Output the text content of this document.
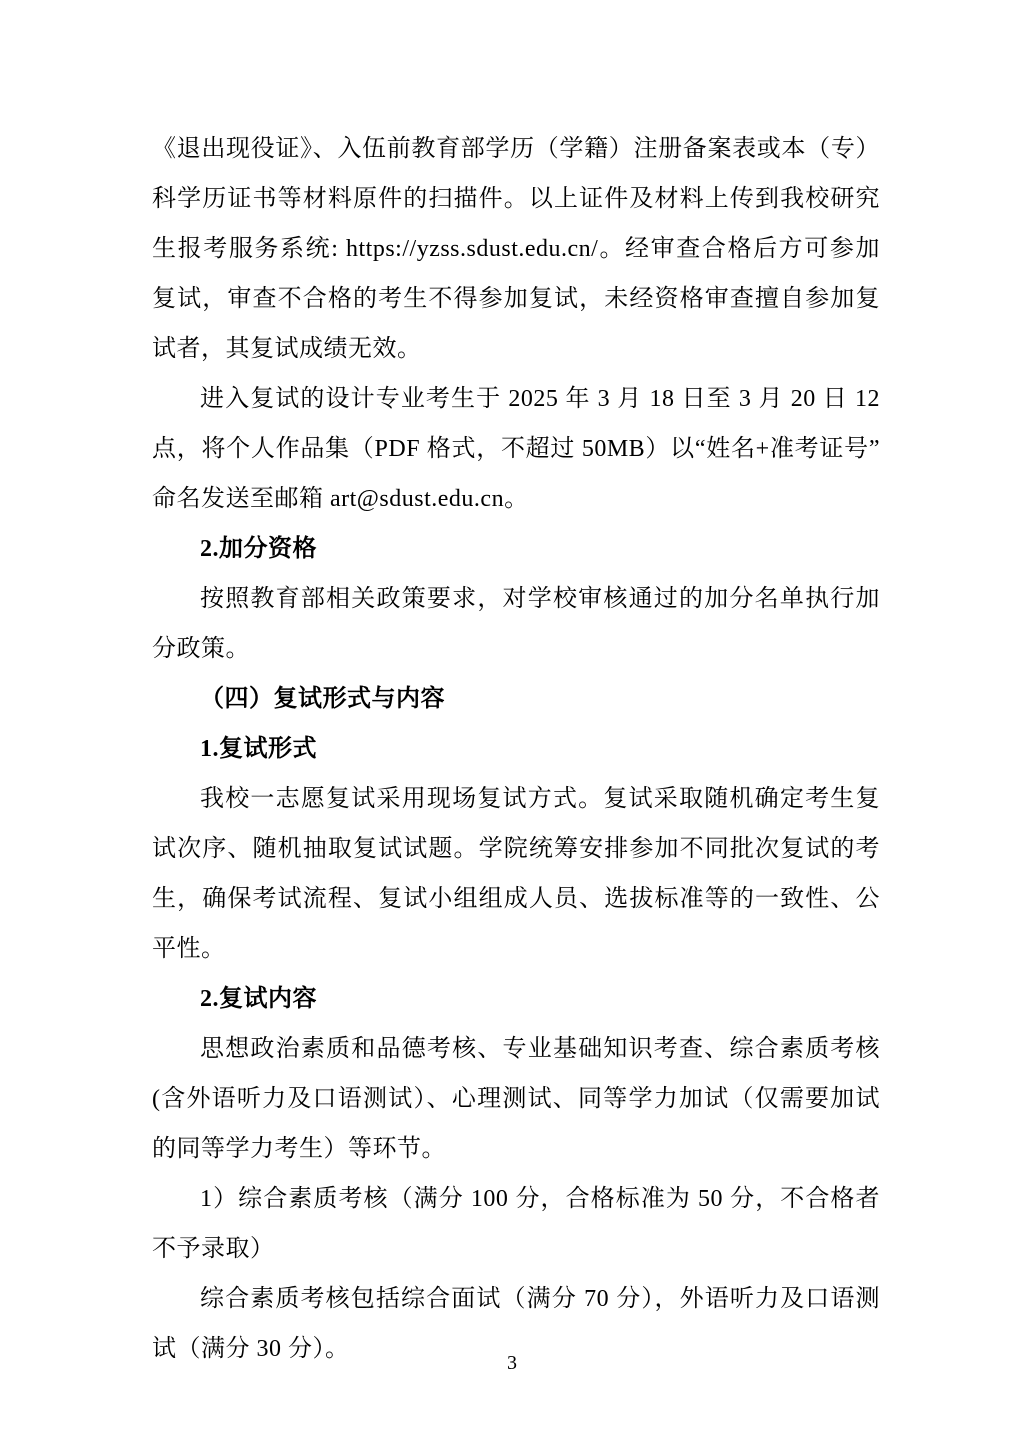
《退出现役证》、入伍前教育部学历（学籍）注册备案表或本（专）科学历证书等材料原件的扫描件。以上证件及材料上传到我校研究生报考服务系统: https://yzss.sdust.edu.cn/。经审查合格后方可参加复试，审查不合格的考生不得参加复试，未经资格审查擅自参加复试者，其复试成绩无效。

进入复试的设计专业考生于 2025 年 3 月 18 日至 3 月 20 日 12 点，将个人作品集（PDF 格式，不超过 50MB）以“姓名+准考证号”命名发送至邮箱 art@sdust.edu.cn。

2.加分资格

按照教育部相关政策要求，对学校审核通过的加分名单执行加分政策。

（四）复试形式与内容

1.复试形式

我校一志愿复试采用现场复试方式。复试采取随机确定考生复试次序、随机抽取复试试题。学院统筹安排参加不同批次复试的考生，确保考试流程、复试小组组成人员、选拔标准等的一致性、公平性。

2.复试内容

思想政治素质和品德考核、专业基础知识考查、综合素质考核(含外语听力及口语测试）、心理测试、同等学力加试（仅需要加试的同等学力考生）等环节。

1）综合素质考核（满分 100 分，合格标准为 50 分，不合格者不予录取）

综合素质考核包括综合面试（满分 70 分），外语听力及口语测试（满分 30 分）。

3
